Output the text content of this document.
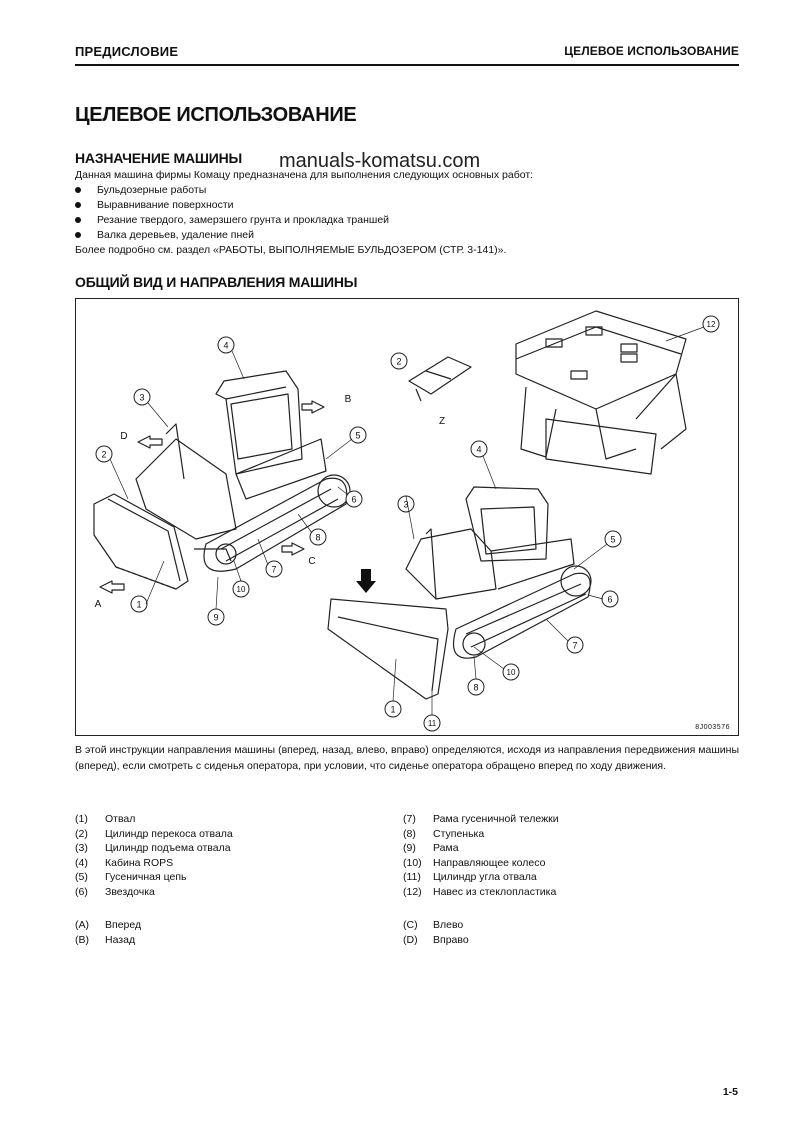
ПРЕДИСЛОВИЕ	ЦЕЛЕВОЕ ИСПОЛЬЗОВАНИЕ
ЦЕЛЕВОЕ ИСПОЛЬЗОВАНИЕ
НАЗНАЧЕНИЕ МАШИНЫ manuals-komatsu.com
Данная машина фирмы Комацу предназначена для выполнения следующих основных работ:
Бульдозерные работы
Выравнивание поверхности
Резание твердого, замерзшего грунта и прокладка траншей
Валка деревьев, удаление пней
Более подробно см. раздел «РАБОТЫ, ВЫПОЛНЯЕМЫЕ БУЛЬДОЗЕРОМ (СТР. 3-141)».
ОБЩИЙ ВИД И НАПРАВЛЕНИЯ МАШИНЫ
1
2
3
4
5
6
7
8
9
10
2
12
3
4
5
6
7
8
10
1
11
A
B
C
D
Z
Z
8J003576
В этой инструкции направления машины (вперед, назад, влево, вправо) определяются, исходя из направления передвижения машины (вперед), если смотреть с сиденья оператора, при условии, что сиденье оператора обращено вперед по ходу движения.
(1) Отвал
(2) Цилиндр перекоса отвала
(3) Цилиндр подъема отвала
(4) Кабина ROPS
(5) Гусеничная цепь
(6) Звездочка
(7) Рама гусеничной тележки
(8) Ступенька
(9) Рама
(10) Направляющее колесо
(11) Цилиндр угла отвала
(12) Навес из стеклопластика
(A) Вперед
(B) Назад
(C) Влево
(D) Вправо
1-5
